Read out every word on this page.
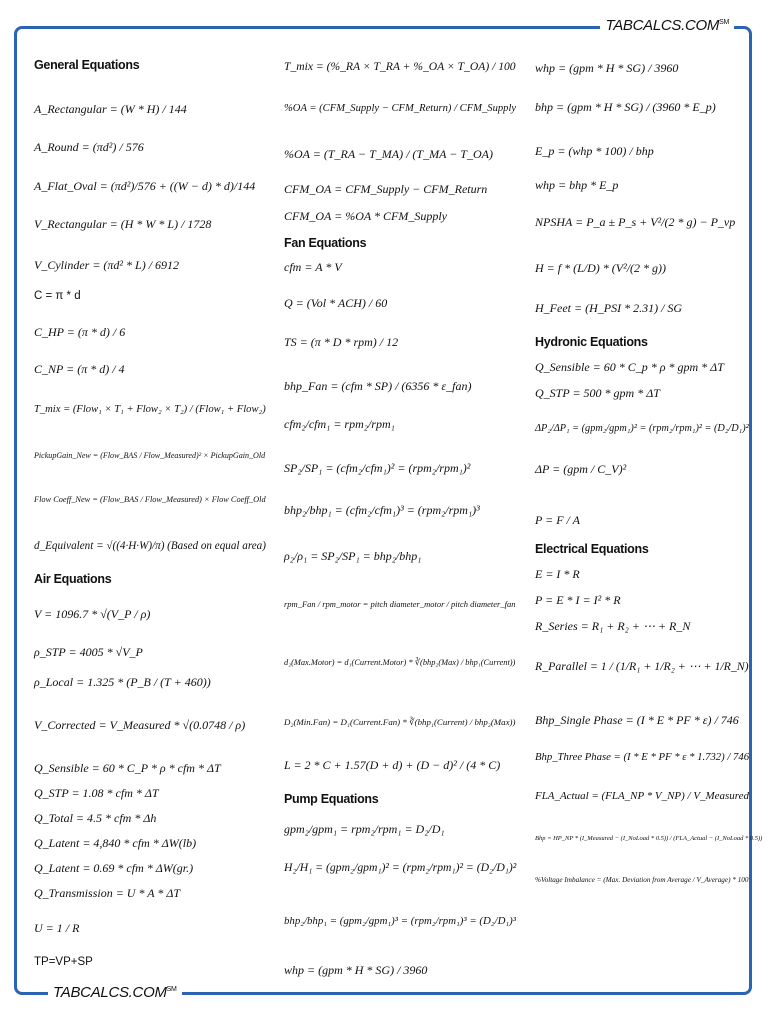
TABCALCS.COM℠
TABCALCS.COM℠
General Equations
A_Rectangular = (W * H) / 144
A_Round = (πd²) / 576
A_Flat_Oval = (πd²)/576 + ((W − d) * d)/144
V_Rectangular = (H * W * L) / 1728
V_Cylinder = (πd² * L) / 6912
C = π * d
C_HP = (π * d) / 6
C_NP = (π * d) / 4
T_mix = (Flow₁ × T₁ + Flow₂ × T₂) / (Flow₁ + Flow₂)
PickupGain_New = (Flow_BAS / Flow_Measured)² × PickupGain_Old
Flow Coeff_New = (Flow_BAS / Flow_Measured) × Flow Coeff_Old
d_Equivalent = √((4·H·W)/π) (Based on equal area)
Air Equations
V = 1096.7 * √(V_P / ρ)
ρ_STP = 4005 * √V_P
ρ_Local = 1.325 * (P_B / (T + 460))
V_Corrected = V_Measured * √(0.0748 / ρ)
Q_Sensible = 60 * C_P * ρ * cfm * ΔT
Q_STP = 1.08 * cfm * ΔT
Q_Total = 4.5 * cfm * Δh
Q_Latent = 4,840 * cfm * ΔW(lb)
Q_Latent = 0.69 * cfm * ΔW(gr.)
Q_Transmission = U * A * ΔT
U = 1 / R
TP=VP+SP
T_mix = (%_RA × T_RA + %_OA × T_OA) / 100
%OA = (CFM_Supply − CFM_Return) / CFM_Supply
%OA = (T_RA − T_MA) / (T_MA − T_OA)
CFM_OA = CFM_Supply − CFM_Return
CFM_OA = %OA * CFM_Supply
Fan Equations
cfm = A * V
Q = (Vol * ACH) / 60
TS = (π * D * rpm) / 12
bhp_Fan = (cfm * SP) / (6356 * ε_fan)
cfm₂/cfm₁ = rpm₂/rpm₁
SP₂/SP₁ = (cfm₂/cfm₁)² = (rpm₂/rpm₁)²
bhp₂/bhp₁ = (cfm₂/cfm₁)³ = (rpm₂/rpm₁)³
ρ₂/ρ₁ = SP₂/SP₁ = bhp₂/bhp₁
rpm_Fan / rpm_motor = pitch diameter_motor / pitch diameter_fan
d₂(Max.Motor) = d₁(Current.Motor) * ∛(bhp₂(Max) / bhp₁(Current))
D₂(Min.Fan) = D₁(Current.Fan) * ∛(bhp₁(Current) / bhp₂(Max))
L = 2 * C + 1.57(D + d) + (D − d)² / (4 * C)
Pump Equations
gpm₂/gpm₁ = rpm₂/rpm₁ = D₂/D₁
H₂/H₁ = (gpm₂/gpm₁)² = (rpm₂/rpm₁)² = (D₂/D₁)²
bhp₂/bhp₁ = (gpm₂/gpm₁)³ = (rpm₂/rpm₁)³ = (D₂/D₁)³
whp = (gpm * H * SG) / 3960
whp = (gpm * H * SG) / 3960
bhp = (gpm * H * SG) / (3960 * E_p)
E_p = (whp * 100) / bhp
whp = bhp * E_p
NPSHA = P_a ± P_s + V²/(2 * g) − P_vp
H = f * (L/D) * (V²/(2 * g))
H_Feet = (H_PSI * 2.31) / SG
Hydronic Equations
Q_Sensible = 60 * C_p * ρ * gpm * ΔT
Q_STP = 500 * gpm * ΔT
ΔP₂/ΔP₁ = (gpm₂/gpm₁)² = (rpm₂/rpm₁)² = (D₂/D₁)²
ΔP = (gpm / C_V)²
P = F / A
Electrical Equations
E = I * R
P = E * I = I² * R
R_Series = R₁ + R₂ + ⋯ + R_N
R_Parallel = 1 / (1/R₁ + 1/R₂ + ⋯ + 1/R_N)
Bhp_Single Phase = (I * E * PF * ε) / 746
Bhp_Three Phase = (I * E * PF * ε * 1.732) / 746
FLA_Actual = (FLA_NP * V_NP) / V_Measured
Bhp = HP_NP * (I_Measured − (I_NoLoad * 0.5)) / (FLA_Actual − (I_NoLoad * 0.5))
%Voltage Imbalance = (Max. Deviation from Average / V_Average) * 100
